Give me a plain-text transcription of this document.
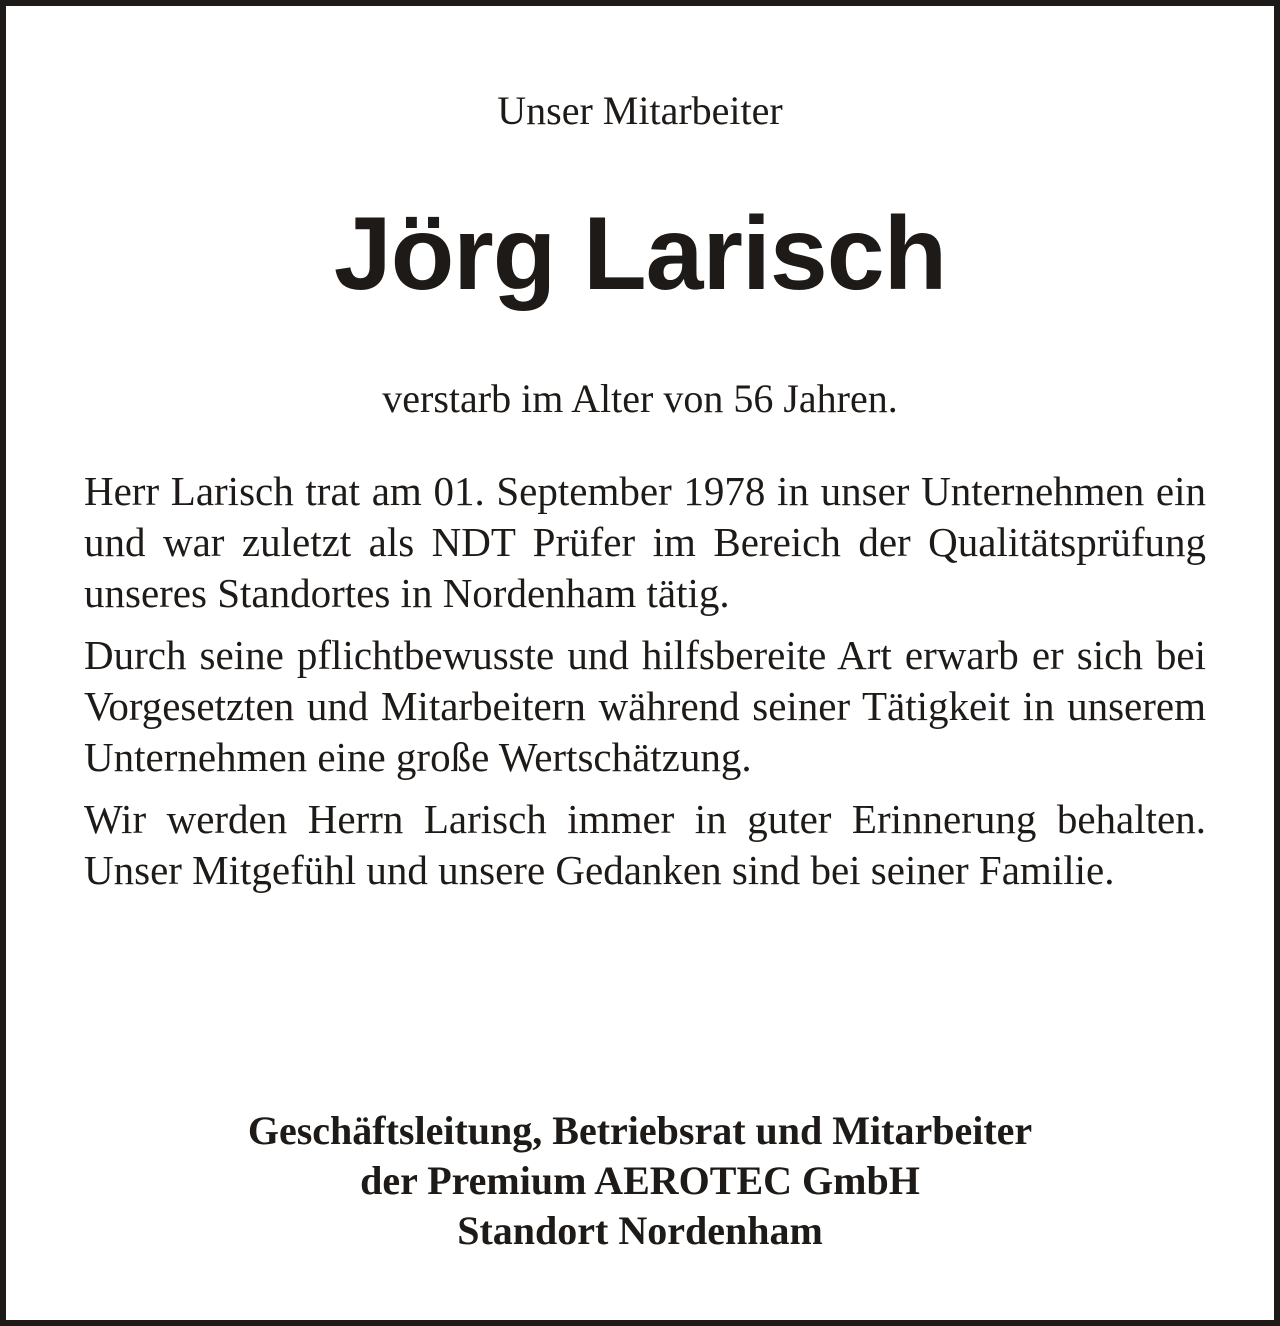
Unser Mitarbeiter

Jörg Larisch

verstarb im Alter von 56 Jahren.

Herr Larisch trat am 01. September 1978 in unser Unternehmen ein und war zuletzt als NDT Prüfer im Bereich der Qualitätsprüfung unseres Standortes in Nordenham tätig.

Durch seine pflichtbewusste und hilfsbereite Art erwarb er sich bei Vorgesetzten und Mitarbeitern während seiner Tätigkeit in unserem Unternehmen eine große Wertschätzung.

Wir werden Herrn Larisch immer in guter Erinnerung behalten. Unser Mitgefühl und unsere Gedanken sind bei seiner Familie.

Geschäftsleitung, Betriebsrat und Mitarbeiter
der Premium AEROTEC GmbH
Standort Nordenham
